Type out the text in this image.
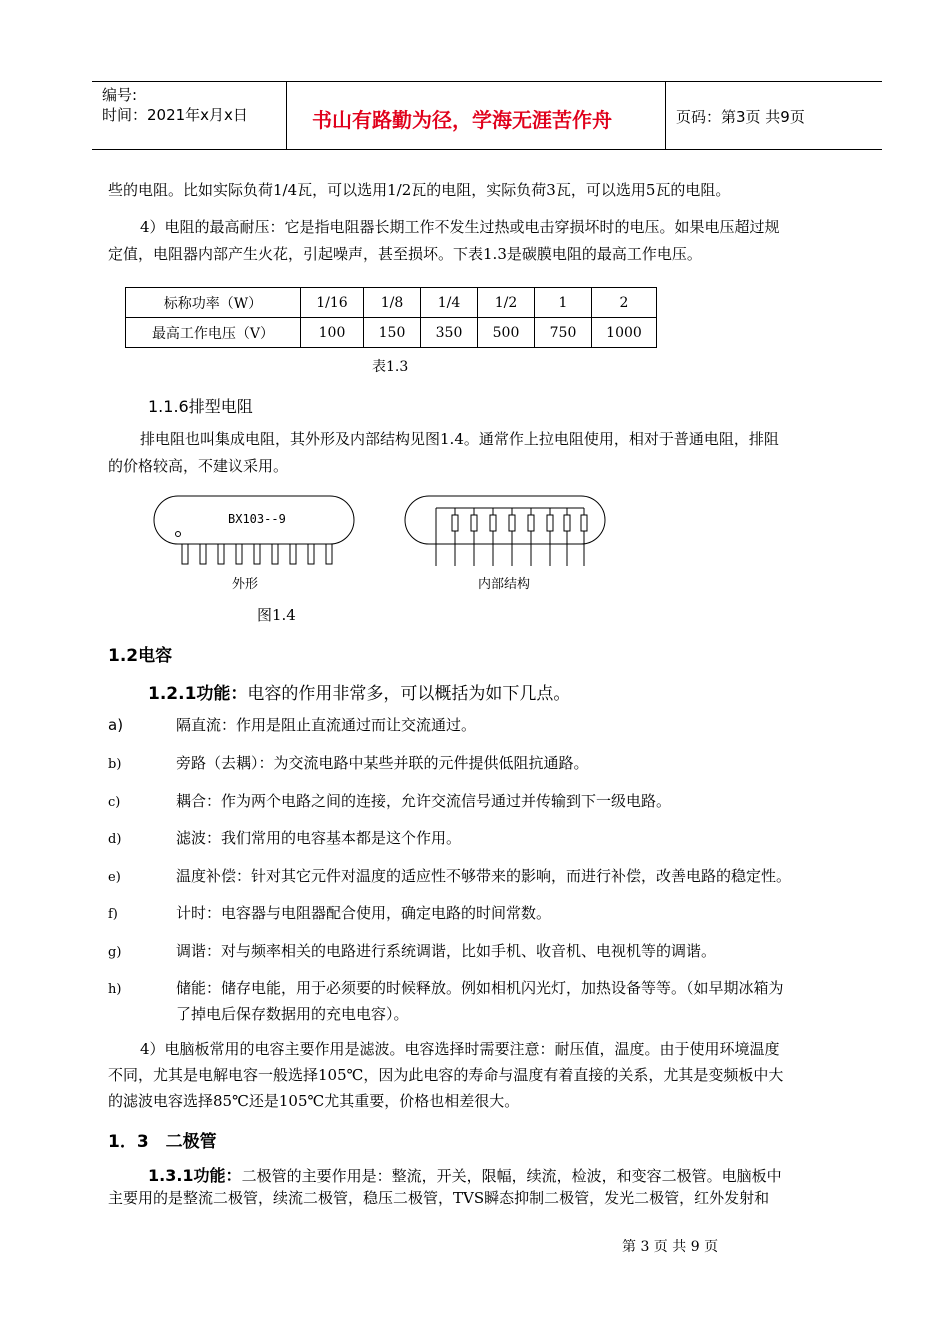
编号:
时间：2021年x月x日	书山有路勤为径，学海无涯苦作舟	页码：第3页 共9页
些的电阻。比如实际负荷1/4瓦，可以选用1/2瓦的电阻，实际负荷3瓦，可以选用5瓦的电阻。
4）电阻的最高耐压：它是指电阻器长期工作不发生过热或电击穿损坏时的电压。如果电压超过规
定值，电阻器内部产生火花，引起噪声，甚至损坏。下表1.3是碳膜电阻的最高工作电压。
标称功率（W）	1/16	1/8	1/4	1/2	1	2
最高工作电压（V）	100	150	350	500	750	1000
表1.3
1.1.6排型电阻
排电阻也叫集成电阻，其外形及内部结构见图1.4。通常作上拉电阻使用，相对于普通电阻，排阻
的价格较高，不建议采用。
BX103--9
外形	内部结构
图1.4
1.2电容
1.2.1功能：电容的作用非常多，可以概括为如下几点。
a)	隔直流：作用是阻止直流通过而让交流通过。
b)	旁路（去耦）：为交流电路中某些并联的元件提供低阻抗通路。
c)	耦合：作为两个电路之间的连接，允许交流信号通过并传输到下一级电路。
d)	滤波：我们常用的电容基本都是这个作用。
e)	温度补偿：针对其它元件对温度的适应性不够带来的影响，而进行补偿，改善电路的稳定性。
f)	计时：电容器与电阻器配合使用，确定电路的时间常数。
g)	调谐：对与频率相关的电路进行系统调谐，比如手机、收音机、电视机等的调谐。
h)	储能：储存电能，用于必须要的时候释放。例如相机闪光灯，加热设备等等。（如早期冰箱为
了掉电后保存数据用的充电电容）。
4）电脑板常用的电容主要作用是滤波。电容选择时需要注意：耐压值，温度。由于使用环境温度
不同，尤其是电解电容一般选择105℃，因为此电容的寿命与温度有着直接的关系，尤其是变频板中大
的滤波电容选择85℃还是105℃尤其重要，价格也相差很大。
1．3　二极管
1.3.1功能：二极管的主要作用是：整流，开关，限幅，续流，检波，和变容二极管。电脑板中
主要用的是整流二极管，续流二极管，稳压二极管，TVS瞬态抑制二极管，发光二极管，红外发射和
第 3 页 共 9 页
